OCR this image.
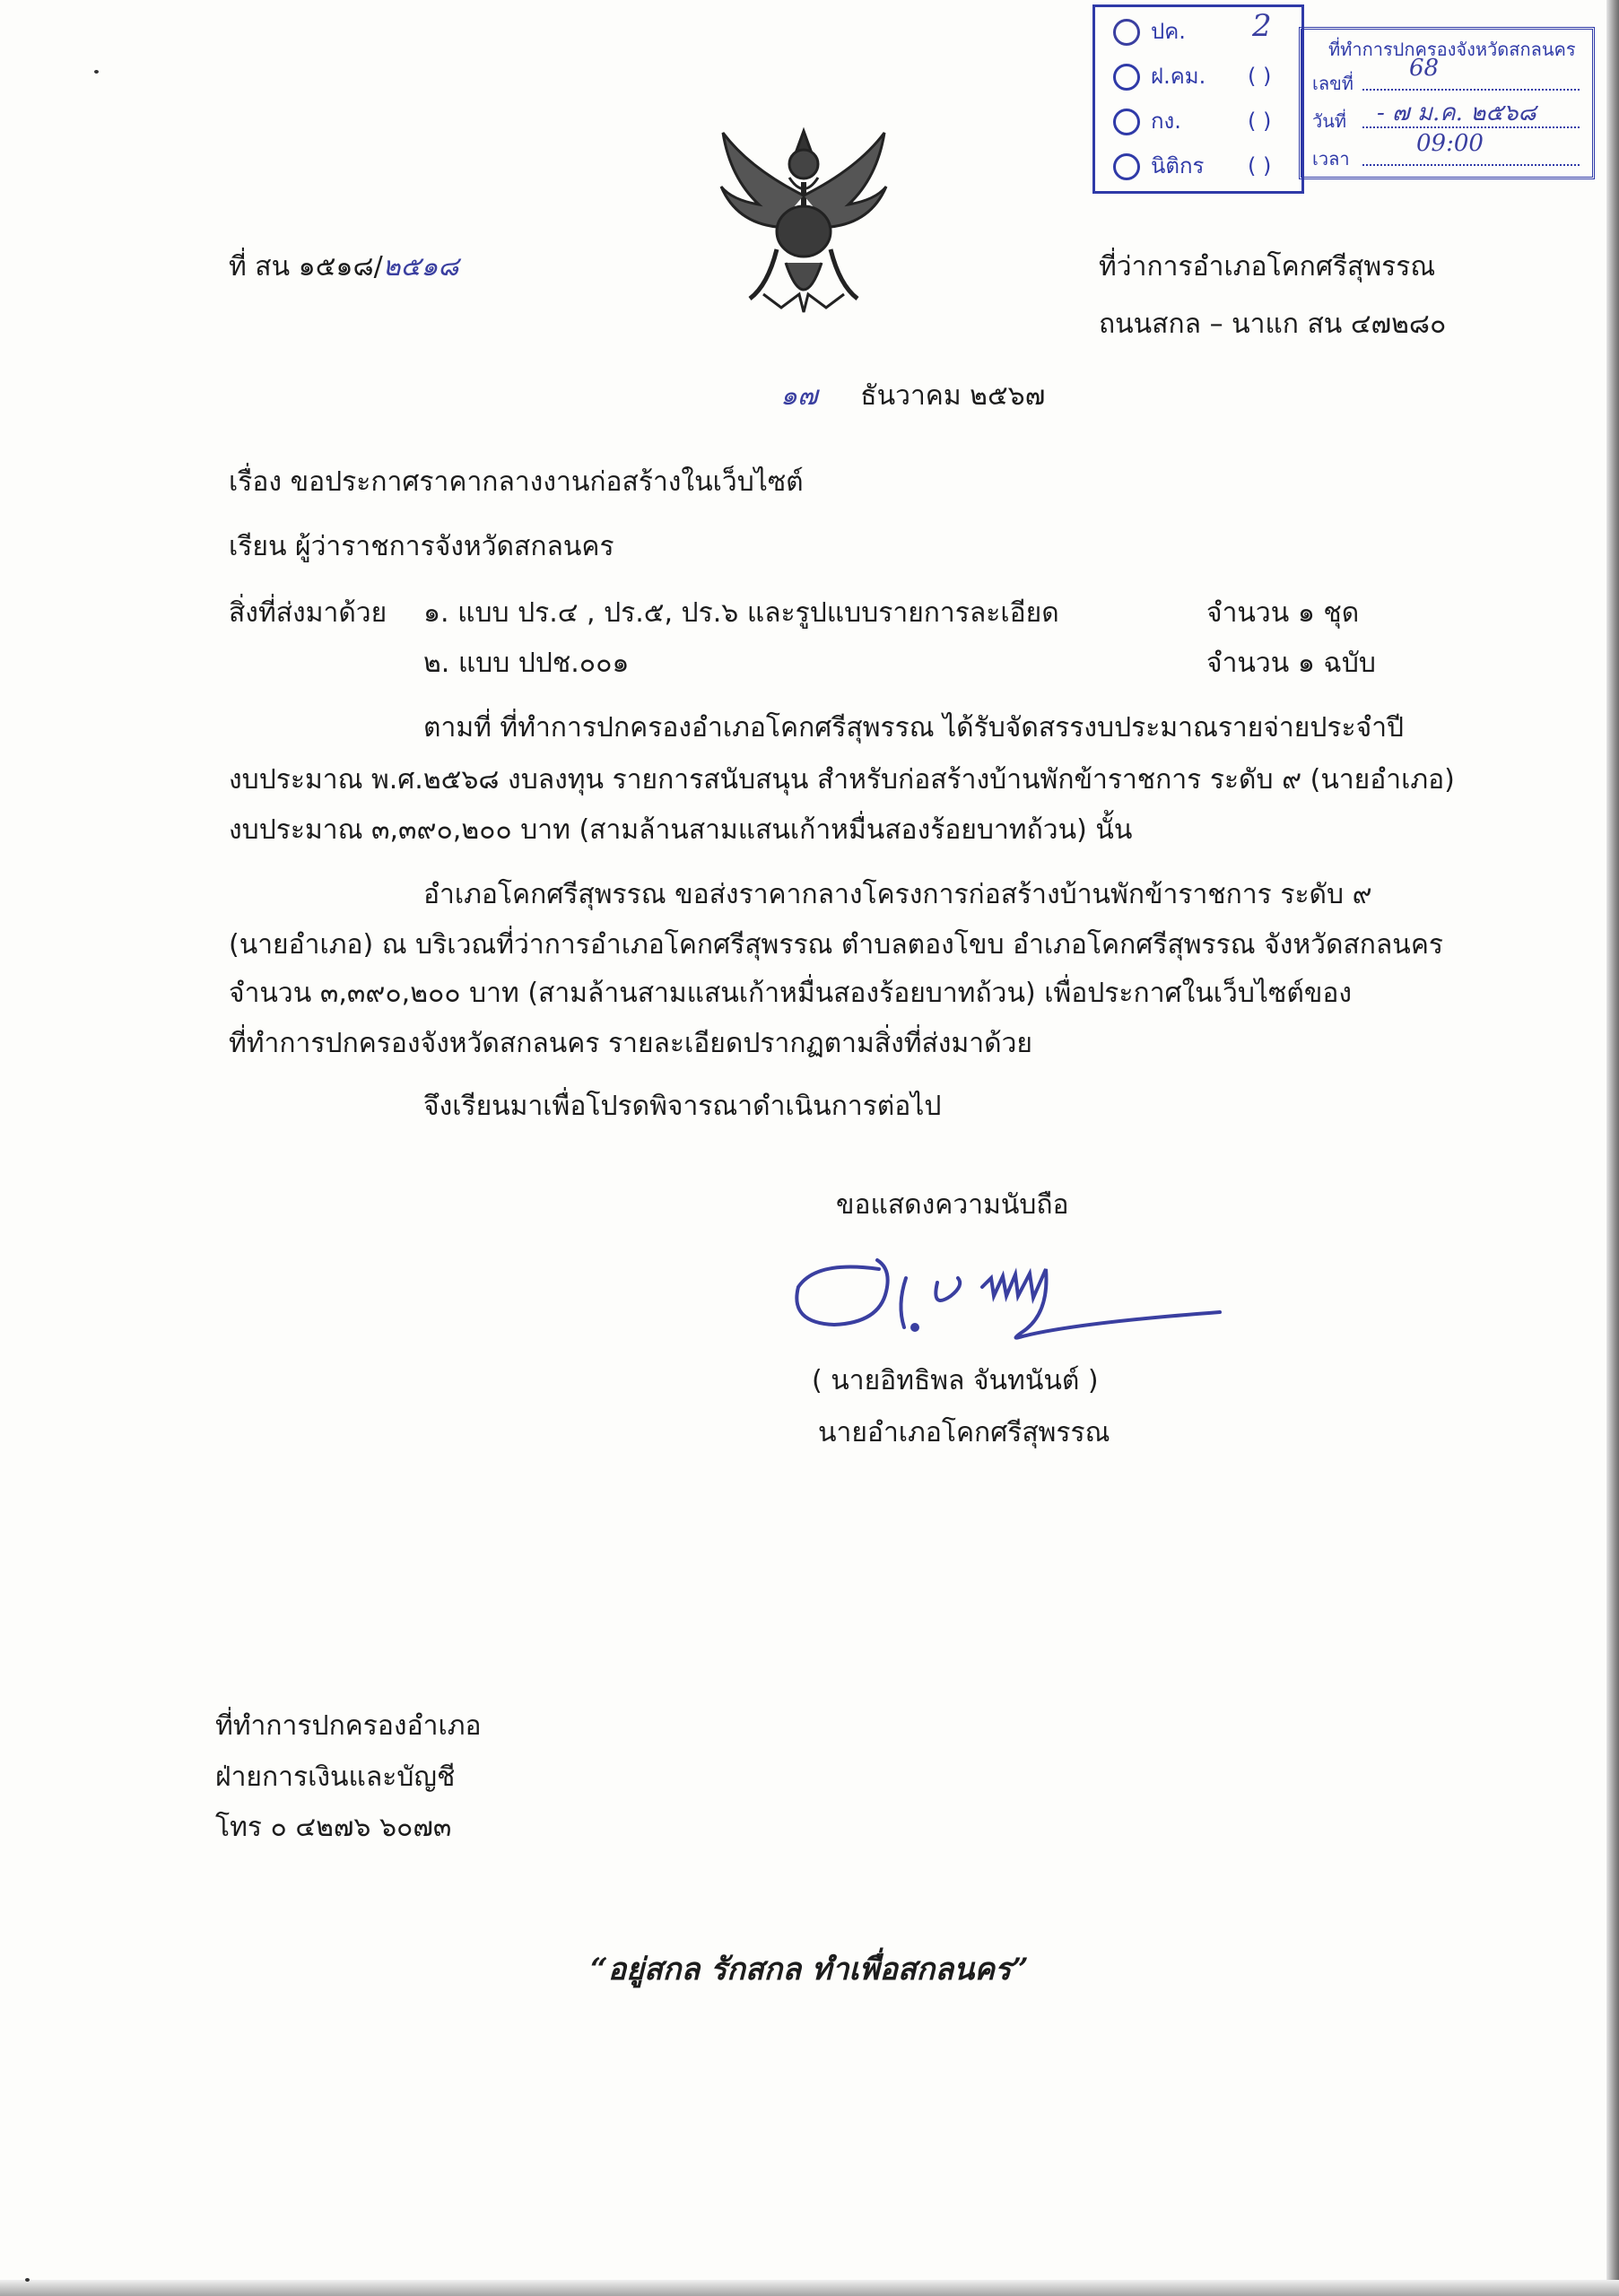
ปค. 2
ฝ.คม. ( )
กง.	( )
นิติกร ( )
ที่ทำการปกครองจังหวัดสกลนคร
เลขที่
68
วันที่ - ๗ ม.ค. ๒๕๖๘
เวลา
09:00
ที่ สน ๑๕๑๘/๒๕๑๘	ที่ว่าการอำเภอโคกศรีสุพรรณ
ถนนสกล – นาแก สน ๔๗๒๘๐
๑๗ ธันวาคม ๒๕๖๗
เรื่อง ขอประกาศราคากลางงานก่อสร้างในเว็บไซต์
เรียน ผู้ว่าราชการจังหวัดสกลนคร
สิ่งที่ส่งมาด้วย ๑. แบบ ปร.๔ , ปร.๕, ปร.๖ และรูปแบบรายการละเอียด	จำนวน ๑ ชุด
๒. แบบ ปปช.๐๐๑	จำนวน ๑ ฉบับ
ตามที่ ที่ทำการปกครองอำเภอโคกศรีสุพรรณ ได้รับจัดสรรงบประมาณรายจ่ายประจำปี
งบประมาณ พ.ศ.๒๕๖๘ งบลงทุน รายการสนับสนุน สำหรับก่อสร้างบ้านพักข้าราชการ ระดับ ๙ (นายอำเภอ)
งบประมาณ ๓,๓๙๐,๒๐๐ บาท (สามล้านสามแสนเก้าหมื่นสองร้อยบาทถ้วน) นั้น
อำเภอโคกศรีสุพรรณ ขอส่งราคากลางโครงการก่อสร้างบ้านพักข้าราชการ ระดับ ๙
(นายอำเภอ) ณ บริเวณที่ว่าการอำเภอโคกศรีสุพรรณ ตำบลตองโขบ อำเภอโคกศรีสุพรรณ จังหวัดสกลนคร
จำนวน ๓,๓๙๐,๒๐๐ บาท (สามล้านสามแสนเก้าหมื่นสองร้อยบาทถ้วน) เพื่อประกาศในเว็บไซต์ของ
ที่ทำการปกครองจังหวัดสกลนคร รายละเอียดปรากฏตามสิ่งที่ส่งมาด้วย
จึงเรียนมาเพื่อโปรดพิจารณาดำเนินการต่อไป
ขอแสดงความนับถือ
( นายอิทธิพล จันทนันต์ )
นายอำเภอโคกศรีสุพรรณ
ที่ทำการปกครองอำเภอ
ฝ่ายการเงินและบัญชี
โทร ๐ ๔๒๗๖ ๖๐๗๓
“อยู่สกล รักสกล ทำเพื่อสกลนคร”
